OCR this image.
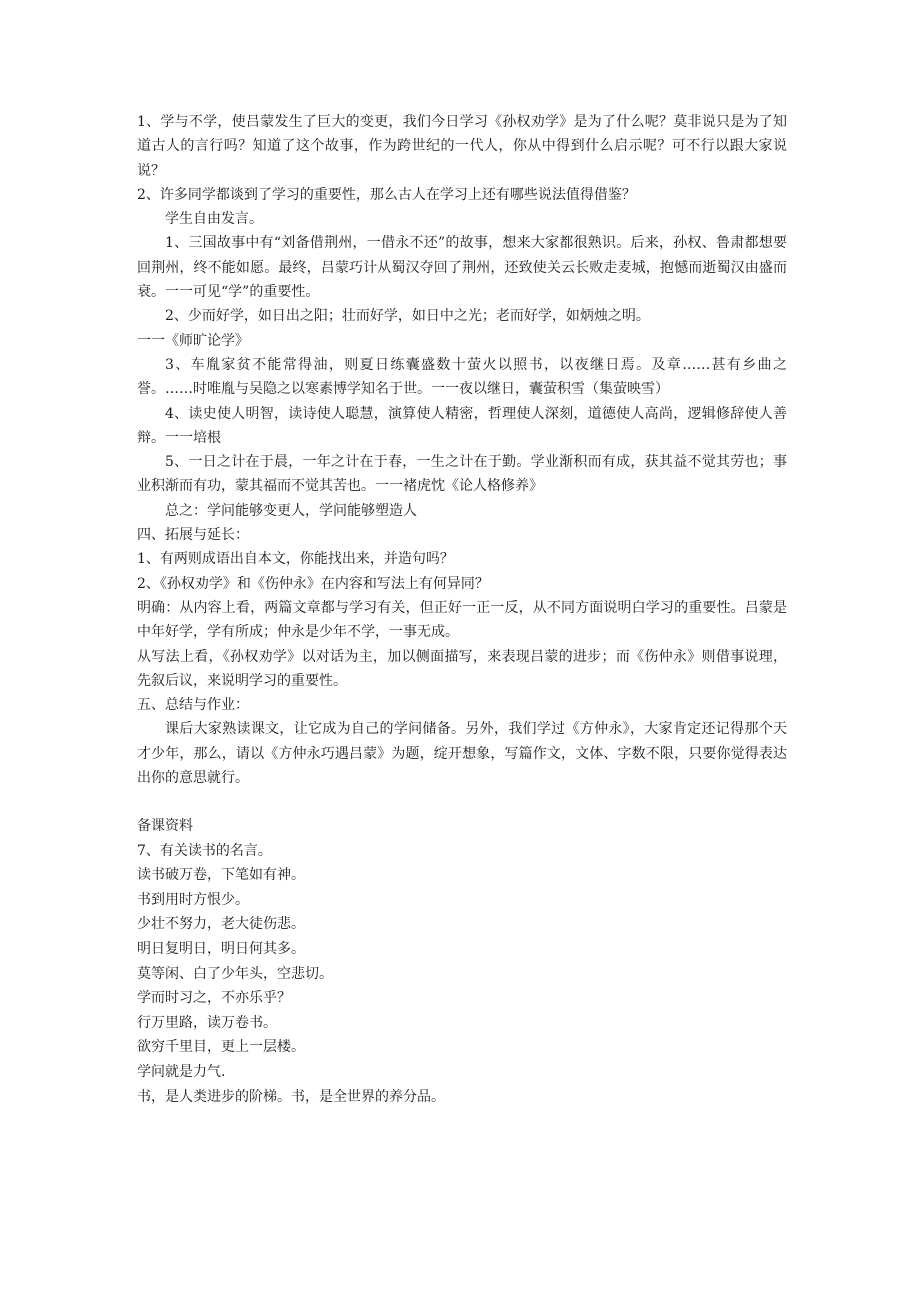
1、学与不学，使吕蒙发生了巨大的变更，我们今日学习《孙权劝学》是为了什么呢？莫非说只是为了知道古人的言行吗？知道了这个故事，作为跨世纪的一代人，你从中得到什么启示呢？可不行以跟大家说说？
2、许多同学都谈到了学习的重要性，那么古人在学习上还有哪些说法值得借鉴？
学生自由发言。
1、三国故事中有“刘备借荆州，一借永不还”的故事，想来大家都很熟识。后来，孙权、鲁肃都想要回荆州，终不能如愿。最终，吕蒙巧计从蜀汉夺回了荆州，还致使关云长败走麦城，抱憾而逝蜀汉由盛而衰。一一可见“学”的重要性。
2、少而好学，如日出之阳；壮而好学，如日中之光；老而好学，如炳烛之明。
一一《师旷论学》
3、车胤家贫不能常得油，则夏日练囊盛数十萤火以照书，以夜继日焉。及章……甚有乡曲之誉。……时唯胤与吴隐之以寒素博学知名于世。一一夜以继日，囊萤积雪（集萤映雪）
4、读史使人明智，读诗使人聪慧，演算使人精密，哲理使人深刻，道德使人高尚，逻辑修辞使人善辩。一一培根
5、一日之计在于晨，一年之计在于春，一生之计在于勤。学业渐积而有成，获其益不觉其劳也；事业积渐而有功，蒙其福而不觉其苦也。一一褚虎忱《论人格修养》
总之：学问能够变更人，学问能够塑造人
四、拓展与延长：
1、有两则成语出自本文，你能找出来，并造句吗？
2、《孙权劝学》和《伤仲永》在内容和写法上有何异同？
明确：从内容上看，两篇文章都与学习有关，但正好一正一反，从不同方面说明白学习的重要性。吕蒙是中年好学，学有所成；仲永是少年不学，一事无成。
从写法上看，《孙权劝学》以对话为主，加以侧面描写，来表现吕蒙的进步；而《伤仲永》则借事说理，先叙后议，来说明学习的重要性。
五、总结与作业：
课后大家熟读课文，让它成为自己的学问储备。另外，我们学过《方仲永》，大家肯定还记得那个天才少年，那么，请以《方仲永巧遇吕蒙》为题，绽开想象，写篇作文，文体、字数不限，只要你觉得表达出你的意思就行。
备课资料
7、有关读书的名言。
读书破万卷，下笔如有神。
书到用时方恨少。
少壮不努力，老大徒伤悲。
明日复明日，明日何其多。
莫等闲、白了少年头，空悲切。
学而时习之，不亦乐乎？
行万里路，读万卷书。
欲穷千里目，更上一层楼。
学问就是力气.
书，是人类进步的阶梯。书，是全世界的养分品。
